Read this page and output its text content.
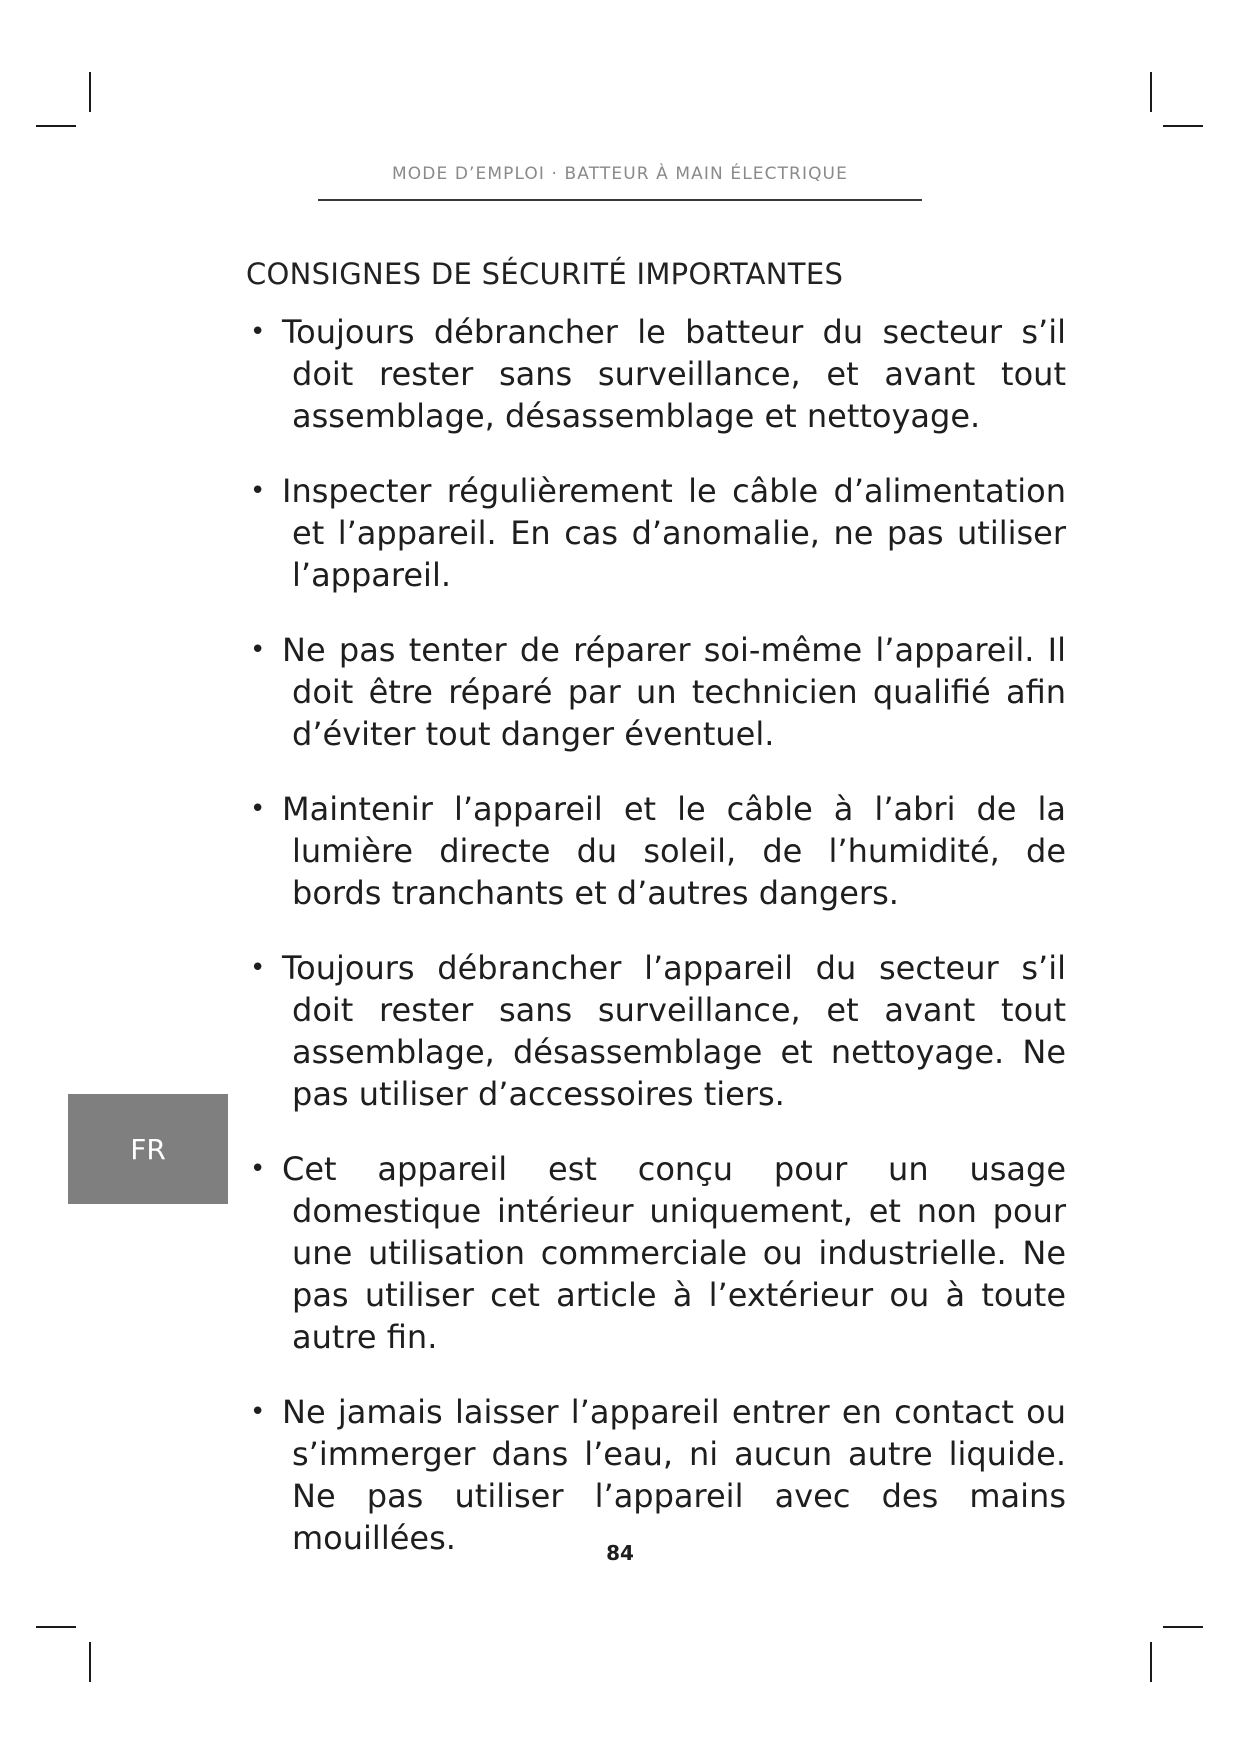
MODE D’EMPLOI · BATTEUR À MAIN ÉLECTRIQUE
CONSIGNES DE SÉCURITÉ IMPORTANTES
• Toujours débrancher le batteur du secteur s’il doit rester sans surveillance, et avant tout assemblage, désassemblage et nettoyage.
• Inspecter régulièrement le câble d’alimentation et l’appareil. En cas d’anomalie, ne pas utiliser l’appareil.
• Ne pas tenter de réparer soi-même l’appareil. Il doit être réparé par un technicien qualifié afin d’éviter tout danger éventuel.
• Maintenir l’appareil et le câble à l’abri de la lumière directe du soleil, de l’humidité, de bords tranchants et d’autres dangers.
• Toujours débrancher l’appareil du secteur s’il doit rester sans surveillance, et avant tout assemblage, désassemblage et nettoyage. Ne pas utiliser d’accessoires tiers.
• Cet appareil est conçu pour un usage domestique intérieur uniquement, et non pour une utilisation commerciale ou industrielle. Ne pas utiliser cet article à l’extérieur ou à toute autre fin.
• Ne jamais laisser l’appareil entrer en contact ou s’immerger dans l’eau, ni aucun autre liquide. Ne pas utiliser l’appareil avec des mains mouillées.
FR
84
